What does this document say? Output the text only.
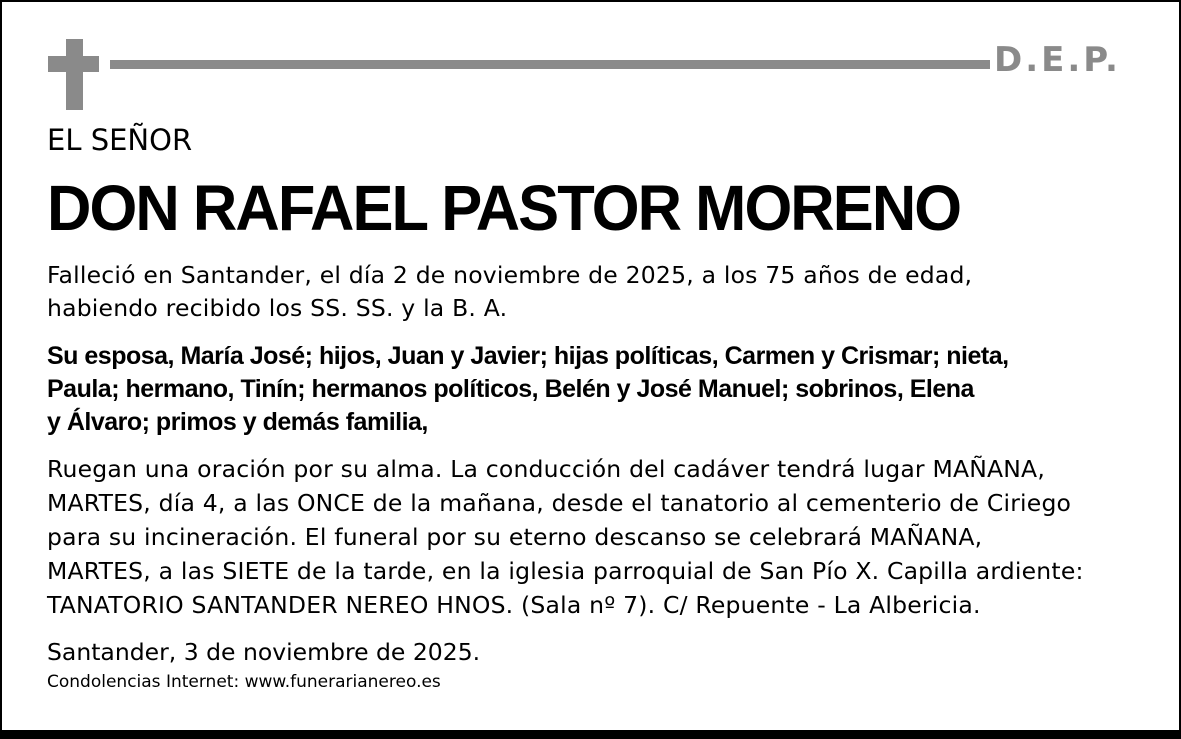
D.E.P.
EL SEÑOR
DON RAFAEL PASTOR MORENO
Falleció en Santander, el día 2 de noviembre de 2025, a los 75 años de edad,
habiendo recibido los SS. SS. y la B. A.
Su esposa, María José; hijos, Juan y Javier; hijas políticas, Carmen y Crismar; nieta,
Paula; hermano, Tinín; hermanos políticos, Belén y José Manuel; sobrinos, Elena
y Álvaro; primos y demás familia,
Ruegan una oración por su alma. La conducción del cadáver tendrá lugar MAÑANA,
MARTES, día 4, a las ONCE de la mañana, desde el tanatorio al cementerio de Ciriego
para su incineración. El funeral por su eterno descanso se celebrará MAÑANA,
MARTES, a las SIETE de la tarde, en la iglesia parroquial de San Pío X. Capilla ardiente:
TANATORIO SANTANDER NEREO HNOS. (Sala nº 7). C/ Repuente - La Albericia.
Santander, 3 de noviembre de 2025.
Condolencias Internet: www.funerarianereo.es
